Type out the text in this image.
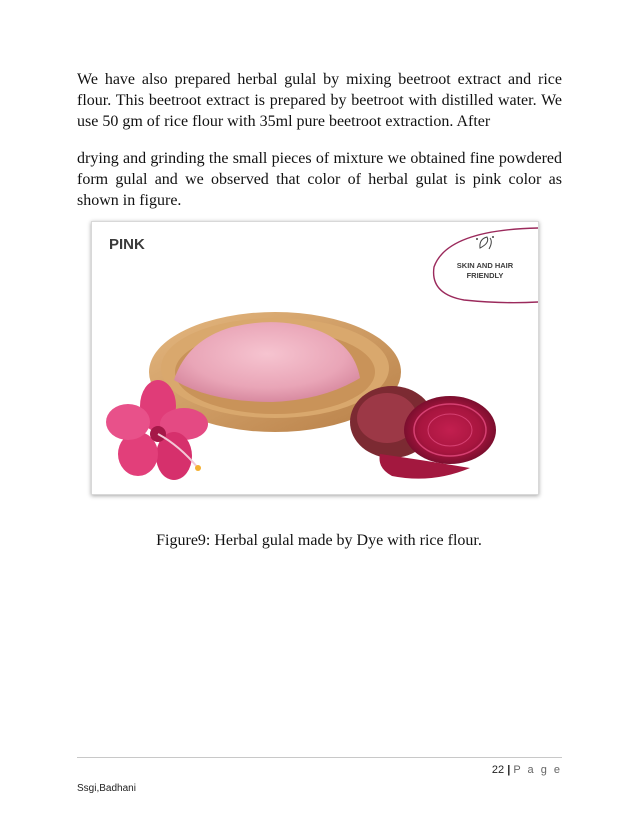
We have also prepared herbal gulal by mixing beetroot extract and rice flour. This beetroot extract is prepared by beetroot with distilled water. We use 50 gm of rice flour with 35ml pure beetroot extraction. After

drying and grinding the small pieces of mixture we obtained fine powdered form gulal and we observed that color of herbal gulat is pink color as shown in figure.

PINK
SKIN AND HAIR
FRIENDLY

Figure9: Herbal gulal made by Dye with rice flour.

22 | P a g e
Ssgi,Badhani
